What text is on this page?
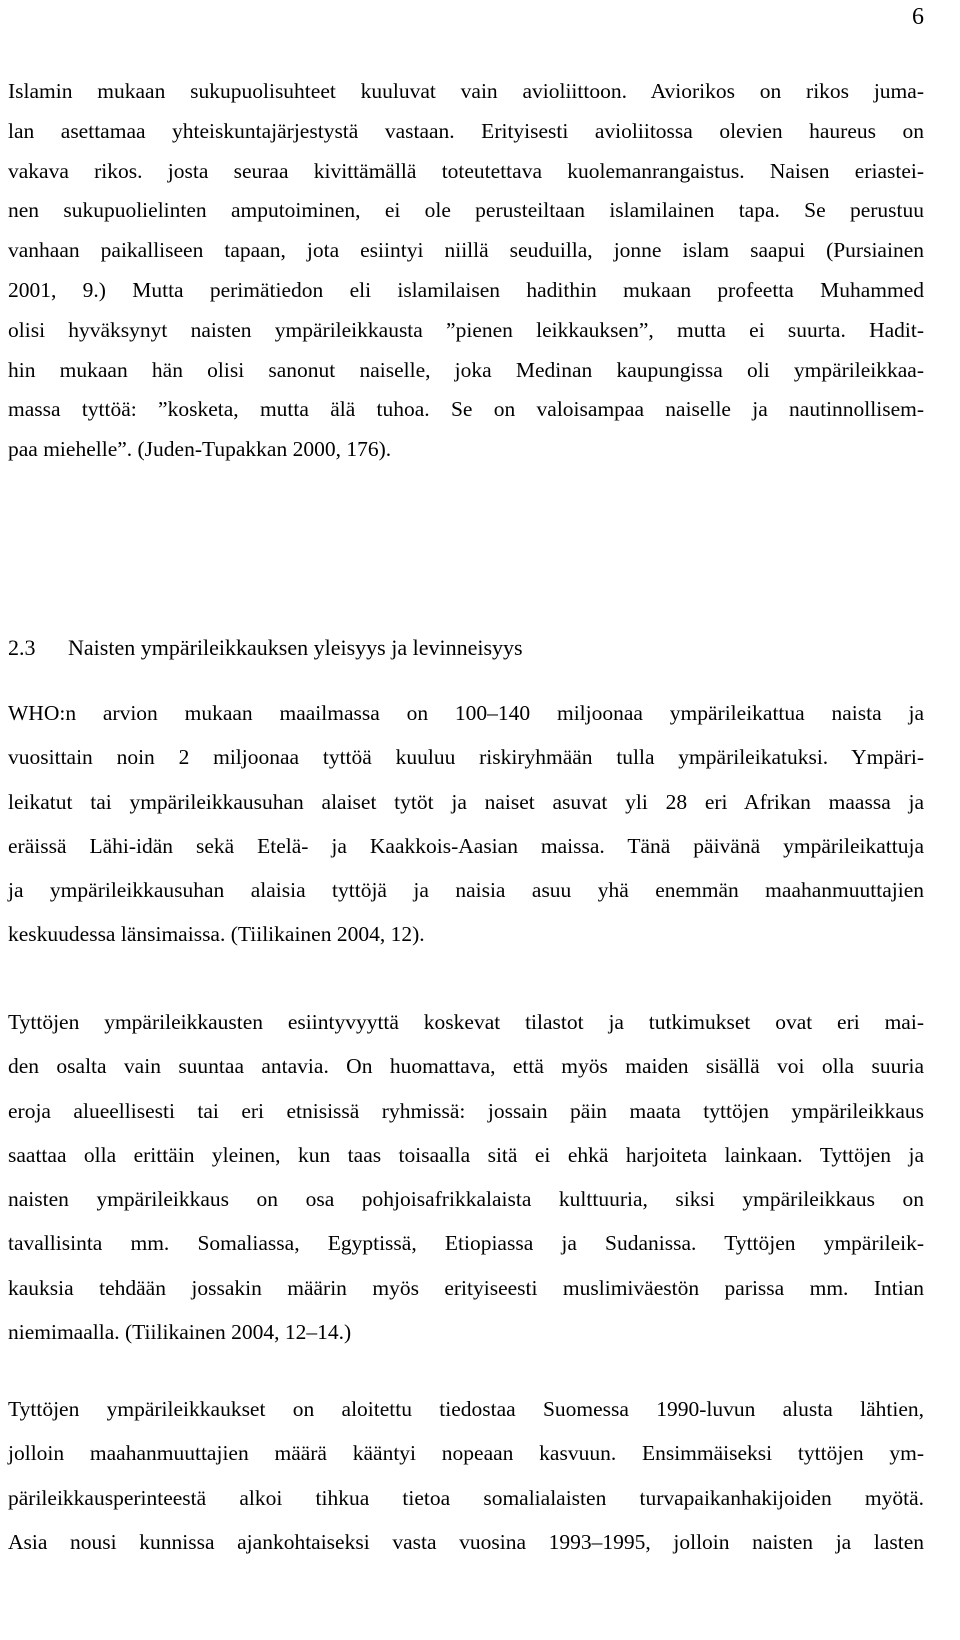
6
Islamin mukaan sukupuolisuhteet kuuluvat vain avioliittoon. Aviorikos on rikos juma-
lan asettamaa yhteiskuntajärjestystä vastaan. Erityisesti avioliitossa olevien haureus on
vakava rikos. josta seuraa kivittämällä toteutettava kuolemanrangaistus. Naisen eriastei-
nen sukupuolielinten amputoiminen, ei ole perusteiltaan islamilainen tapa. Se perustuu
vanhaan paikalliseen tapaan, jota esiintyi niillä seuduilla, jonne islam saapui (Pursiainen
2001, 9.) Mutta perimätiedon eli islamilaisen hadithin mukaan profeetta Muhammed
olisi hyväksynyt naisten ympärileikkausta ”pienen leikkauksen”, mutta ei suurta. Hadit-
hin mukaan hän olisi sanonut naiselle, joka Medinan kaupungissa oli ympärileikkaa-
massa tyttöä: ”kosketa, mutta älä tuhoa. Se on valoisampaa naiselle ja nautinnollisem-
paa miehelle”. (Juden-Tupakkan 2000, 176).
2.3 Naisten ympärileikkauksen yleisyys ja levinneisyys
WHO:n arvion mukaan maailmassa on 100–140 miljoonaa ympärileikattua naista ja
vuosittain noin 2 miljoonaa tyttöä kuuluu riskiryhmään tulla ympärileikatuksi. Ympäri-
leikatut tai ympärileikkausuhan alaiset tytöt ja naiset asuvat yli 28 eri Afrikan maassa ja
eräissä Lähi-idän sekä Etelä- ja Kaakkois-Aasian maissa. Tänä päivänä ympärileikattuja
ja ympärileikkausuhan alaisia tyttöjä ja naisia asuu yhä enemmän maahanmuuttajien
keskuudessa länsimaissa. (Tiilikainen 2004, 12).
Tyttöjen ympärileikkausten esiintyvyyttä koskevat tilastot ja tutkimukset ovat eri mai-
den osalta vain suuntaa antavia. On huomattava, että myös maiden sisällä voi olla suuria
eroja alueellisesti tai eri etnisissä ryhmissä: jossain päin maata tyttöjen ympärileikkaus
saattaa olla erittäin yleinen, kun taas toisaalla sitä ei ehkä harjoiteta lainkaan. Tyttöjen ja
naisten ympärileikkaus on osa pohjoisafrikkalaista kulttuuria, siksi ympärileikkaus on
tavallisinta mm. Somaliassa, Egyptissä, Etiopiassa ja Sudanissa. Tyttöjen ympärileik-
kauksia tehdään jossakin määrin myös erityiseesti muslimiväestön parissa mm. Intian
niemimaalla. (Tiilikainen 2004, 12–14.)
Tyttöjen ympärileikkaukset on aloitettu tiedostaa Suomessa 1990-luvun alusta lähtien,
jolloin maahanmuuttajien määrä kääntyi nopeaan kasvuun. Ensimmäiseksi tyttöjen ym-
pärileikkausperinteestä alkoi tihkua tietoa somalialaisten turvapaikanhakijoiden myötä.
Asia nousi kunnissa ajankohtaiseksi vasta vuosina 1993–1995, jolloin naisten ja lasten
